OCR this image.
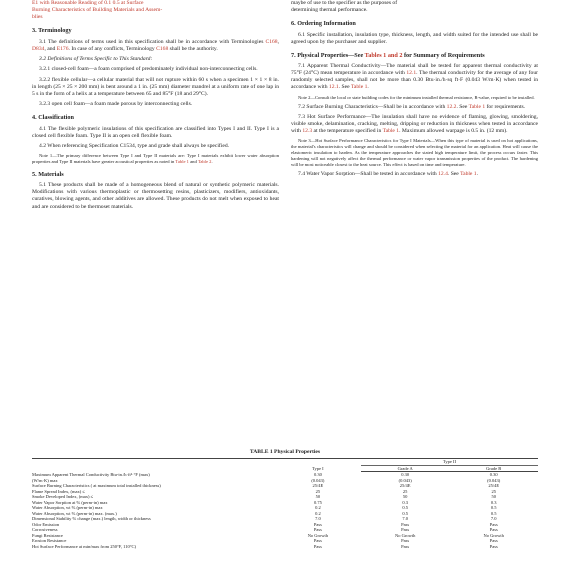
E1 with Reasonable Reading of 0.1 0.5 at Surface
Burning Characteristics of Building Materials and Assem-
blies
3. Terminology

3.1 The definitions of terms used in this specification shall be in accordance with Terminologies C168, D834, and E176. In case of any conflicts, Terminology C168 shall be the authority.

3.2 Definitions of Terms Specific to This Standard:

3.2.1 closed-cell foam—a foam comprised of predominately individual non-interconnecting cells.

3.2.2 flexible cellular—a cellular material that will not rupture within 60 s when a specimen 1 × 1 × 8 in. in length (25 × 25 × 200 mm) is bent around a 1 in. (25 mm) diameter mandrel at a uniform rate of one lap in 5 s in the form of a helix at a temperature between 65 and 85°F (18 and 29°C).

3.2.3 open cell foam—a foam made porous by interconnecting cells.

4. Classification

4.1 The flexible polymeric insulations of this specification are classified into Types I and II. Type I is a closed cell flexible foam. Type II is an open cell flexible foam.

4.2 When referencing Specification C1534, type and grade shall always be specified.

Note 1—The primary difference between Type I and Type II materials are: Type I materials exhibit lower water absorption properties and Type II materials have greater acoustical properties as noted in Table 1 and Table 2.

5. Materials

5.1 These products shall be made of a homogeneous blend of natural or synthetic polymeric materials. Modifications with various thermoplastic or thermosetting resins, plasticizers, modifiers, antioxidants, curatives, blowing agents, and other additives are allowed. These products do not melt when exposed to heat and are considered to be thermoset materials.

maybe of use to the specifier as the purposes of
determining thermal performance.
6. Ordering Information

6.1 Specific installation, insulation type, thickness, length, and width suited for the intended use shall be agreed upon by the purchaser and supplier.

7. Physical Properties—See Tables 1 and 2 for Summary of Requirements

7.1 Apparent Thermal Conductivity—The material shall be tested for apparent thermal conductivity at 75°F (24°C) mean temperature in accordance with 12.1. The thermal conductivity for the average of any four randomly selected samples, shall not be more than 0.30 Btu·in./h·sq ft·F (0.043 W/m·K) when tested in accordance with 12.1. See Table 1.

Note 2—Consult the local or state building codes for the minimum installed thermal resistance, R-value, required to be installed.

7.2 Surface Burning Characteristics—Shall be in accordance with 12.2. See Table 1 for requirements.

7.3 Hot Surface Performance—The insulation shall have no evidence of flaming, glowing, smoldering, visible smoke, delamination, cracking, melting, dripping or reduction in thickness when tested in accordance with 12.3 at the temperature specified in Table 1. Maximum allowed warpage is 0.5 in. (12 mm).

Note 3—Hot Surface Performance Characteristics for Type I Materials—When this type of material is used on hot applications, the material's characteristics will change and should be considered when selecting the material for an application. Heat will cause the elastomeric insulation to harden. As the temperature approaches the stated high temperature limit, the process occurs faster. This hardening will not negatively affect the thermal performance or water vapor transmission properties of the product. The hardening will be most noticeable closest to the heat source. This effect is based on time and temperature.

7.4 Water Vapor Sorption—Shall be tested in accordance with 12.4. See Table 1.

TABLE 1 Physical Properties
	Type I	Type II	
		Grade A	Grade B
Maximum Apparent Thermal Conductivity Btu-in./h·ft²·°F (max)	0.30	0.30	0.30
(W/m·K) max	(0.043)	(0.043)	(0.043)
Surface Burning Characteristics ( at maximum total installed thickness)	25/4E	25/4E	25/4E
Flame Spread Index, (max) ≤	25	25	25
Smoke Developed Index, (max) ≤	50	50	50
Water Vapor Sorption at % (perm-in) max	0.75	0.3	0.3
Water Absorption, wt % (perm-in) max	0.2	0.5	0.5
Water Absorption, wt % (perm-in) max. (max.)	0.2	0.5	0.5
Dimensional Stability % change (max.) length, width or thickness	7.0	7.0	7.0
Odor Emission	Pass	Pass	Pass
Corrosiveness	Pass	Pass	Pass
Fungi Resistance	No Growth	No Growth	No Growth
Erosion Resistance	Pass	Pass	Pass
Hot Surface Performance at min/max from 250°F, 110°C)	Pass	Pass	Pass
